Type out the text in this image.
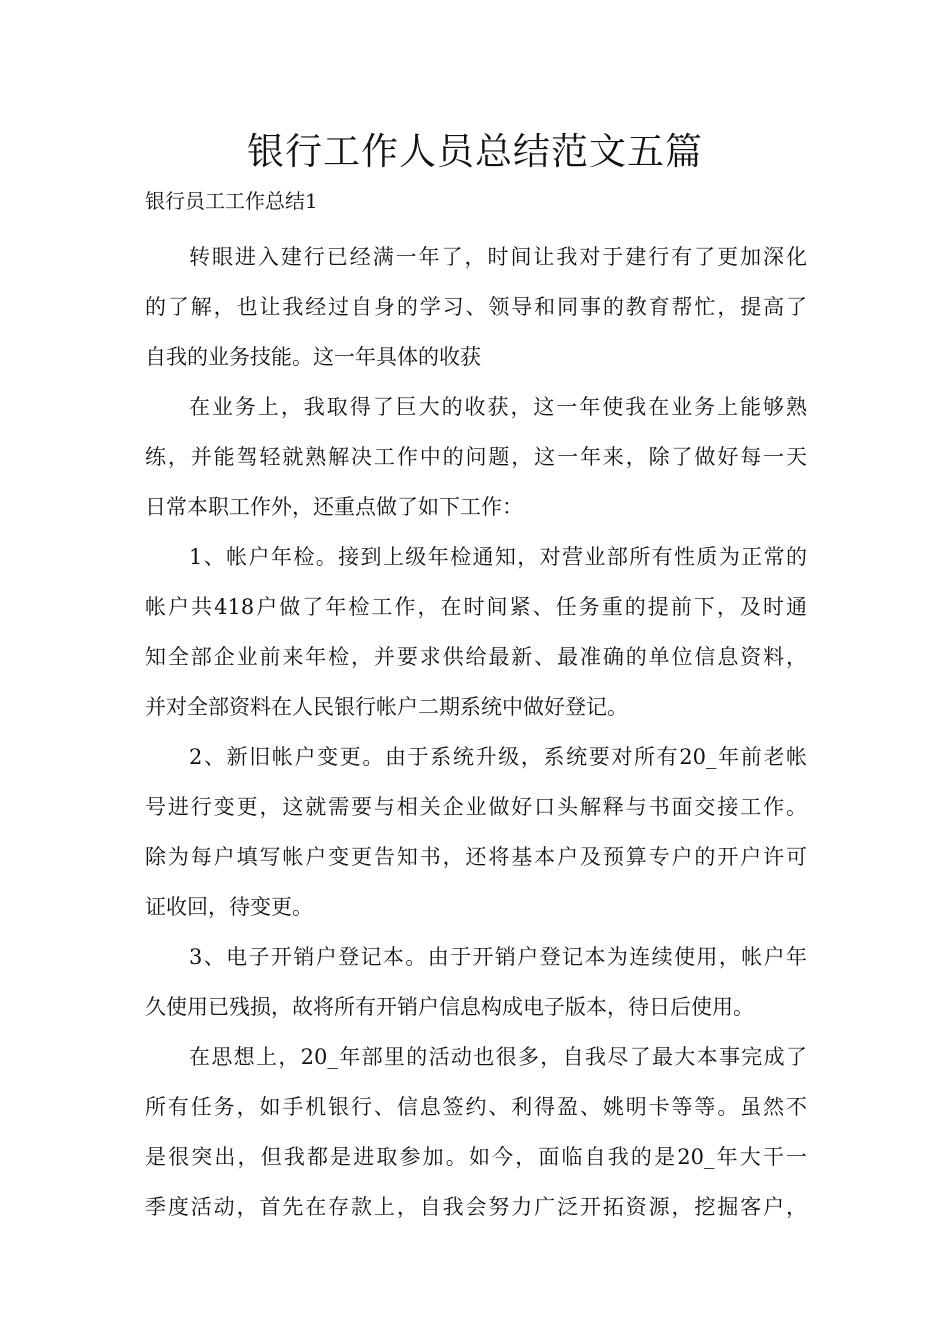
银行工作人员总结范文五篇
银行员工工作总结1
转眼进入建行已经满一年了，时间让我对于建行有了更加深化
的了解，也让我经过自身的学习、领导和同事的教育帮忙，提高了
自我的业务技能。这一年具体的收获
在业务上，我取得了巨大的收获，这一年使我在业务上能够熟
练，并能驾轻就熟解决工作中的问题，这一年来，除了做好每一天
日常本职工作外，还重点做了如下工作：
1、帐户年检。接到上级年检通知，对营业部所有性质为正常的
帐户共418户做了年检工作，在时间紧、任务重的提前下，及时通
知全部企业前来年检，并要求供给最新、最准确的单位信息资料，
并对全部资料在人民银行帐户二期系统中做好登记。
2、新旧帐户变更。由于系统升级，系统要对所有20_年前老帐
号进行变更，这就需要与相关企业做好口头解释与书面交接工作。
除为每户填写帐户变更告知书，还将基本户及预算专户的开户许可
证收回，待变更。
3、电子开销户登记本。由于开销户登记本为连续使用，帐户年
久使用已残损，故将所有开销户信息构成电子版本，待日后使用。
在思想上，20_年部里的活动也很多，自我尽了最大本事完成了
所有任务，如手机银行、信息签约、利得盈、姚明卡等等。虽然不
是很突出，但我都是进取参加。如今，面临自我的是20_年大干一
季度活动，首先在存款上，自我会努力广泛开拓资源，挖掘客户，
